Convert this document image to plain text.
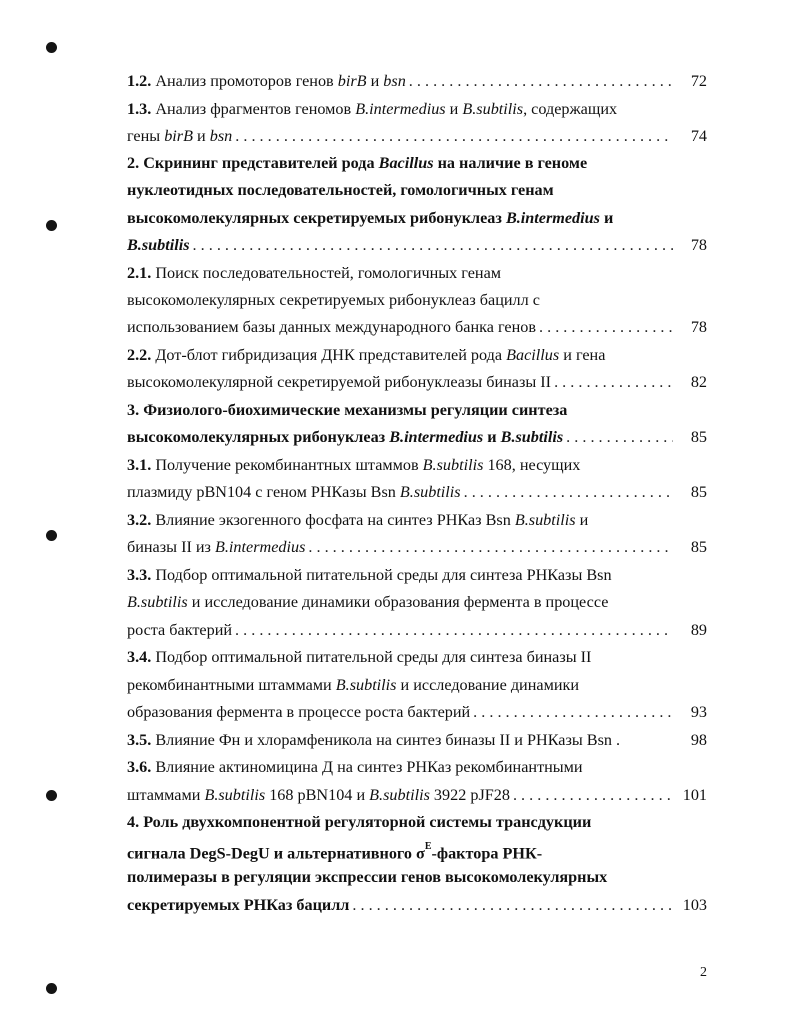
1.2. Анализ промоторов генов birB и bsn . . .	72
1.3. Анализ фрагментов геномов B.intermedius и B.subtilis, содержащих
гены birB и bsn . . .	74
2. Скрининг представителей рода Bacillus на наличие в геноме
нуклеотидных последовательностей, гомологичных генам
высокомолекулярных секретируемых рибонуклеаз B.intermedius и
B.subtilis . . .	78
2.1. Поиск последовательностей, гомологичных генам
высокомолекулярных секретируемых рибонуклеаз бацилл с
использованием базы данных международного банка генов . . .	78
2.2. Дот-блот гибридизация ДНК представителей рода Bacillus и гена
высокомолекулярной секретируемой рибонуклеазы биназы II . . .	82
3. Физиолого-биохимические механизмы регуляции синтеза
высокомолекулярных рибонуклеаз B.intermedius и B.subtilis . . .	85
3.1. Получение рекомбинантных штаммов B.subtilis 168, несущих
плазмиду pBN104 с геном РНКазы Bsn B.subtilis . . .	85
3.2. Влияние экзогенного фосфата на синтез РНКаз Bsn B.subtilis и
биназы II из B.intermedius . . .	85
3.3. Подбор оптимальной питательной среды для синтеза РНКазы Bsn
B.subtilis и исследование динамики образования фермента в процессе
роста бактерий . . .	89
3.4. Подбор оптимальной питательной среды для синтеза биназы II
рекомбинантными штаммами B.subtilis и исследование динамики
образования фермента в процессе роста бактерий . . .	93
3.5. Влияние Фн и хлорамфеникола на синтез биназы II и РНКазы Bsn .	98
3.6. Влияние актиномицина Д на синтез РНКаз рекомбинантными
штаммами B.subtilis 168 pBN104 и B.subtilis 3922 pJF28 . . .	101
4. Роль двухкомпонентной регуляторной системы трансдукции
сигнала DegS-DegU и альтернативного $\sigma^E$-фактора РНК-
полимеразы в регуляции экспрессии генов высокомолекулярных
секретируемых РНКаз бацилл . . .	103
2
